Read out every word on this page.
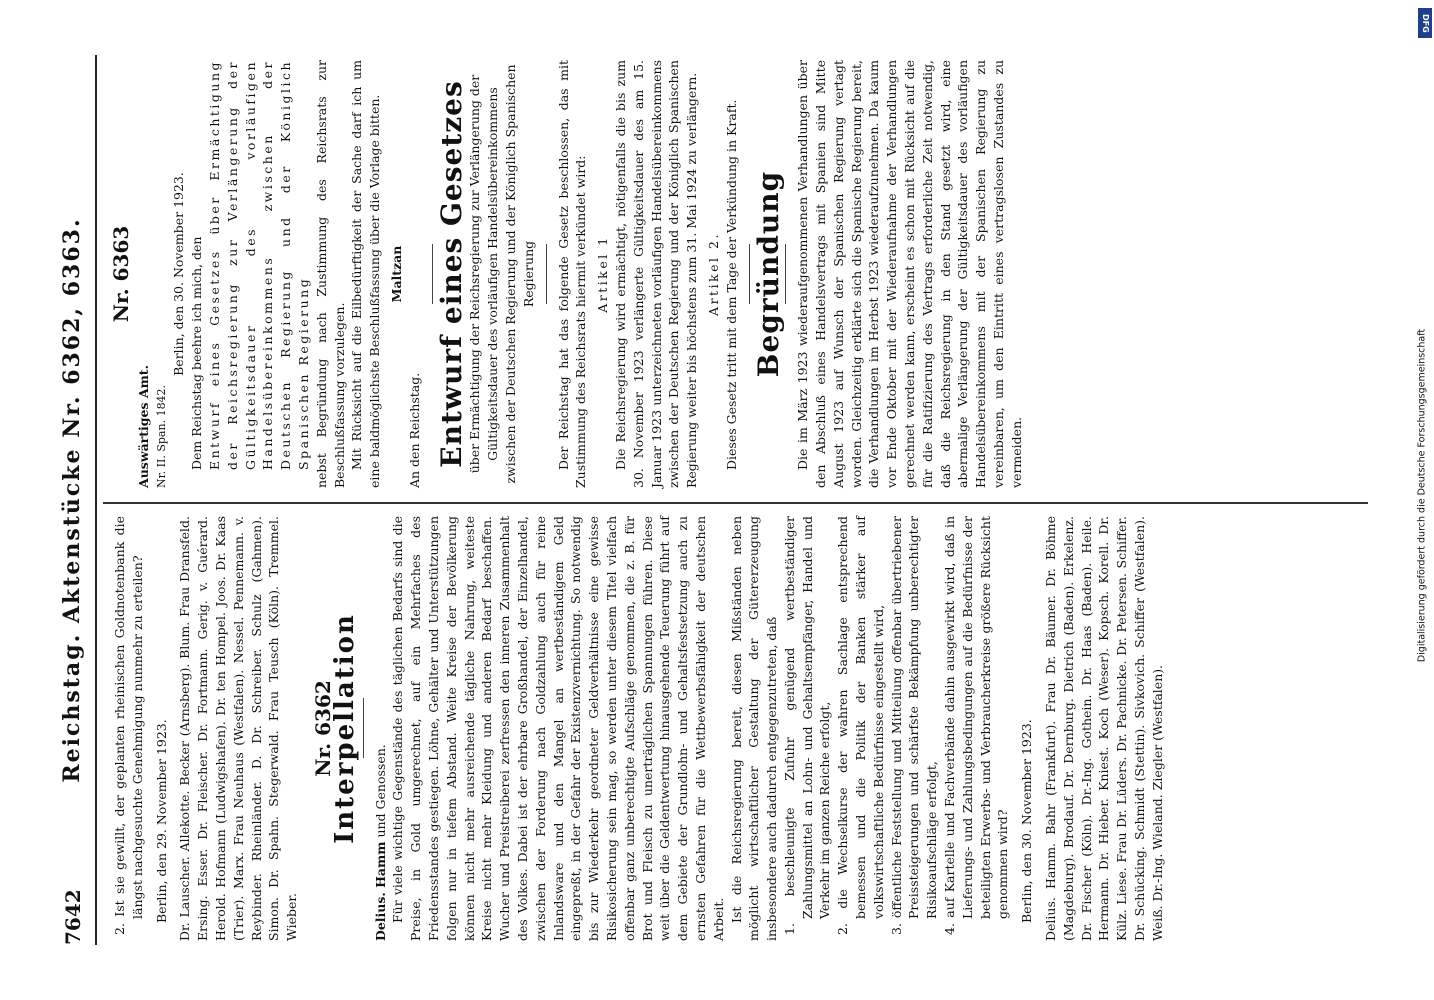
7642
Reichstag. Aktenstücke Nr. 6362, 6363. 2. Ist sie gewillt, der geplanten rheinischen Goldnotenbank die längst nachgesuchte Genehmigung nunmehr zu erteilen? Berlin, den 29. November 1923. Dr. Lauscher. Allekotte. Becker (Arnsberg). Blum. Frau Dransfeld. Ersing. Esser. Dr. Fleischer. Dr. Fortmann. Gerig. v. Guérard. Herold. Hofmann (Ludwigshafen). Dr. ten Hompel. Joos. Dr. Kaas (Trier). Marx. Frau Neuhaus (Westfalen). Nessel. Pennemann. v. Reybinder. Rheinländer. D. Dr. Schreiber. Schulz (Gahmen). Simon. Dr. Spahn. Stegerwald. Frau Teusch (Köln). Tremmel. Wieber.

Nr. 6362
Interpellation

Delius. Hamm und Genossen. Für viele wichtige Gegenstände des täglichen Bedarfs sind die Preise, in Gold umgerechnet, auf ein Mehrfaches des Friedensstandes gestiegen. Löhne, Gehälter und Unterstützungen folgen nur in tiefem Abstand. Weite Kreise der Bevölkerung können nicht mehr ausreichende tägliche Nahrung, weiteste Kreise nicht mehr Kleidung und anderen Bedarf beschaffen. Wucher und Preistreiberei zerfressen den inneren Zusammenhalt des Volkes. Dabei ist der ehrbare Großhandel, der Einzelhandel, zwischen der Forderung nach Goldzahlung auch für reine Inlandsware und den Mangel an wertbeständigem Geld eingepreßt, in der Gefahr der Existenzvernichtung. So notwendig bis zur Wiederkehr geordneter Geldverhältnisse eine gewisse Risikosicherung sein mag, so werden unter diesem Titel vielfach offenbar ganz unberechtigte Aufschläge genommen, die z. B. für Brot und Fleisch zu unerträglichen Spannungen führen. Diese weit über die Geldentwertung hinausgehende Teuerung führt auf dem Gebiete der Grundlohn- und Gehaltsfestsetzung auch zu ernsten Gefahren für die Wettbewerbsfähigkeit der deutschen Arbeit. Ist die Reichsregierung bereit, diesen Mißständen neben möglicht wirtschaftlicher Gestaltung der Gütererzeugung insbesondere auch dadurch entgegenzutreten, daß 1. beschleunigte Zufuhr genügend wertbeständiger Zahlungsmittel an Lohn- und Gehaltsempfänger, Handel und Verkehr im ganzen Reiche erfolgt, 2. die Wechselkurse der wahren Sachlage entsprechend bemessen und die Politik der Banken stärker auf volkswirtschaftliche Bedürfnisse eingestellt wird, 3. öffentliche Feststellung und Mitteilung offenbar übertriebener Preissteigerungen und schärfste Bekämpfung unberechtigter Risikoaufschläge erfolgt, 4. auf Kartelle und Fachverbände dahin ausgewirkt wird, daß in Lieferungs- und Zahlungsbedingungen auf die Bedürfnisse der beteiligten Erwerbs- und Verbraucherkreise größere Rücksicht genommen wird? Berlin, den 30. November 1923. Delius. Hamm. Bahr (Frankfurt). Frau Dr. Bäumer. Dr. Böhme (Magdeburg). Brodauf. Dr. Dernburg. Dietrich (Baden). Erkelenz. Dr. Fischer (Köln). Dr.-Ing. Gothein. Dr. Haas (Baden). Heile. Hermann. Dr. Hieber. Kniest. Koch (Weser). Kopsch. Korell. Dr. Külz. Liese. Frau Dr. Lüders. Dr. Pachnicke. Dr. Petersen. Schiffer. Dr. Schücking. Schmidt (Stettin). Sivkovich. Schiffer (Westfalen). Weiß. Dr.-Ing. Wieland. Ziegler (Westfalen).

Nr. 6363

Auswärtiges Amt. Nr. II. Span. 1842.

Berlin, den 30. November 1923. Dem Reichstag beehre ich mich, den Entwurf eines Gesetzes über Ermächtigung der Reichsregierung zur Verlängerung der Gültigkeitsdauer des vorläufigen Handelsübereinkommens zwischen der Deutschen Regierung und der Königlich Spanischen Regierung nebst Begründung nach Zustimmung des Reichsrats zur Beschlußfassung vorzulegen. Mit Rücksicht auf die Eilbedürftigkeit der Sache darf ich um eine baldmöglichste Beschlußfassung über die Vorlage bitten. Maltzan

An den Reichstag. Entwurf eines Gesetzes über Ermächtigung der Reichsregierung zur Verlängerung der Gültigkeitsdauer des vorläufigen Handelsübereinkommens zwischen der Deutschen Regierung und der Königlich Spanischen Regierung Der Reichstag hat das folgende Gesetz beschlossen, das mit Zustimmung des Reichsrats hiermit verkündet wird: Artikel 1 Die Reichsregierung wird ermächtigt, nötigenfalls die bis zum 30. November 1923 verlängerte Gültigkeitsdauer des am 15. Januar 1923 unterzeichneten vorläufigen Handelsübereinkommens zwischen der Deutschen Regierung und der Königlich Spanischen Regierung weiter bis höchstens zum 31. Mai 1924 zu verlängern. Artikel 2. Dieses Gesetz tritt mit dem Tage der Verkündung in Kraft. Begründung Die im März 1923 wiederaufgenommenen Verhandlungen über den Abschluß eines Handelsvertrags mit Spanien sind Mitte August 1923 auf Wunsch der Spanischen Regierung vertagt worden. Gleichzeitig erklärte sich die Spanische Regierung bereit, die Verhandlungen im Herbst 1923 wiederaufzunehmen. Da kaum vor Ende Oktober mit der Wiederaufnahme der Verhandlungen gerechnet werden kann, erscheint es schon mit Rücksicht auf die für die Ratifizierung des Vertrags erforderliche Zeit notwendig, daß die Reichsregierung in den Stand gesetzt wird, eine abermalige Verlängerung der Gültigkeitsdauer des vorläufigen Handelsübereinkommens mit der Spanischen Regierung zu vereinbaren, um den Eintritt eines vertragslosen Zustandes zu vermeiden.

DFG
Digitalisierung gefördert durch die Deutsche Forschungsgemeinschaft
